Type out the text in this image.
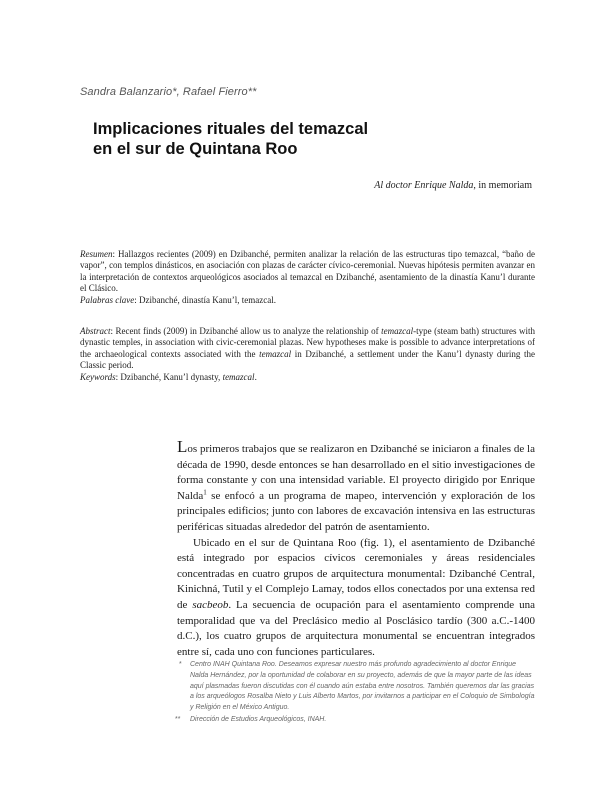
Sandra Balanzario*, Rafael Fierro**
Implicaciones rituales del temazcal
en el sur de Quintana Roo
Al doctor Enrique Nalda, in memoriam

Resumen: Hallazgos recientes (2009) en Dzibanché, permiten analizar la relación de las estructuras tipo temazcal, “baño de vapor”, con templos dinásticos, en asociación con plazas de carácter cívico-ceremonial. Nuevas hipótesis permiten avanzar en la interpretación de contextos arqueológicos asociados al temazcal en Dzibanché, asentamiento de la dinastía Kanu’l durante el Clásico.

Palabras clave: Dzibanché, dinastía Kanu’l, temazcal.

Abstract: Recent finds (2009) in Dzibanché allow us to analyze the relationship of temazcal-type (steam bath) structures with dynastic temples, in association with civic-ceremonial plazas. New hypotheses make is possible to advance interpretations of the archaeological contexts associated with the temazcal in Dzibanché, a settlement under the Kanu’l dynasty during the Classic period.

Keywords: Dzibanché, Kanu’l dynasty, temazcal.

Los primeros trabajos que se realizaron en Dzibanché se iniciaron a finales de la década de 1990, desde entonces se han desarrollado en el sitio investigaciones de forma constante y con una intensidad variable. El proyecto dirigido por Enrique Nalda$^1$ se enfocó a un programa de mapeo, intervención y exploración de los principales edificios; junto con labores de excavación intensiva en las estructuras periféricas situadas alrededor del patrón de asentamiento.

Ubicado en el sur de Quintana Roo (fig. 1), el asentamiento de Dzibanché está integrado por espacios cívicos ceremoniales y áreas residenciales concentradas en cuatro grupos de arquitectura monumental: Dzibanché Central, Kinichná, Tutil y el Complejo Lamay, todos ellos conectados por una extensa red de sacbeob. La secuencia de ocupación para el asentamiento comprende una temporalidad que va del Preclásico medio al Posclásico tardío (300 a.C.-1400 d.C.), los cuatro grupos de arquitectura monumental se encuentran integrados entre sí, cada uno con funciones particulares.

* Centro INAH Quintana Roo. Deseamos expresar nuestro más profundo agradecimiento al doctor Enrique Nalda Hernández, por la oportunidad de colaborar en su proyecto, además de que la mayor parte de las ideas aquí plasmadas fueron discutidas con él cuando aún estaba entre nosotros. También queremos dar las gracias a los arqueólogos Rosalba Nieto y Luis Alberto Martos, por invitarnos a participar en el Coloquio de Simbología y Religión en el México Antiguo.
** Dirección de Estudios Arqueológicos, INAH.
